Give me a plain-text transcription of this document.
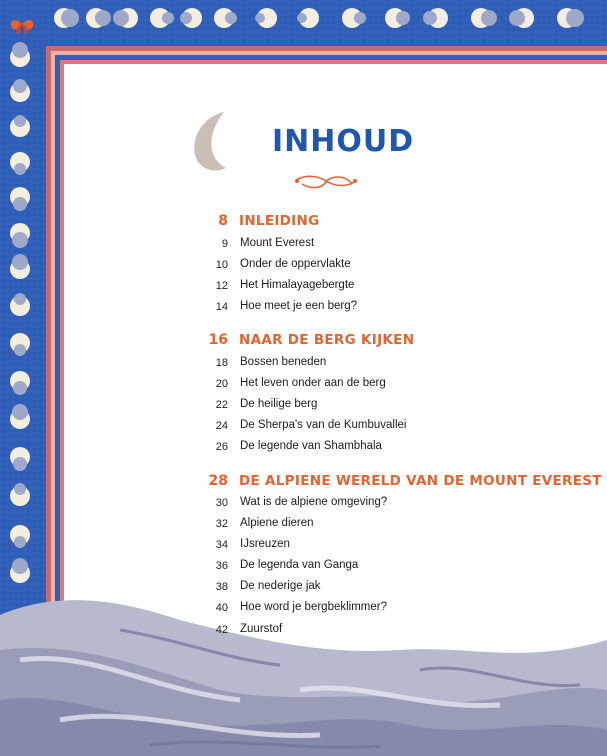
INHOUD
8 INLEIDING
9 Mount Everest
10 Onder de oppervlakte
12 Het Himalayagebergte
14 Hoe meet je een berg?
16 NAAR DE BERG KIJKEN
18 Bossen beneden
20 Het leven onder aan de berg
22 De heilige berg
24 De Sherpa's van de Kumbuvallei
26 De legende van Shambhala
28 DE ALPIENE WERELD VAN DE MOUNT EVEREST
30 Wat is de alpiene omgeving?
32 Alpiene dieren
34 IJsreuzen
36 De legenda van Ganga
38 De nederige jak
40 Hoe word je bergbeklimmer?
42 Zuurstof
